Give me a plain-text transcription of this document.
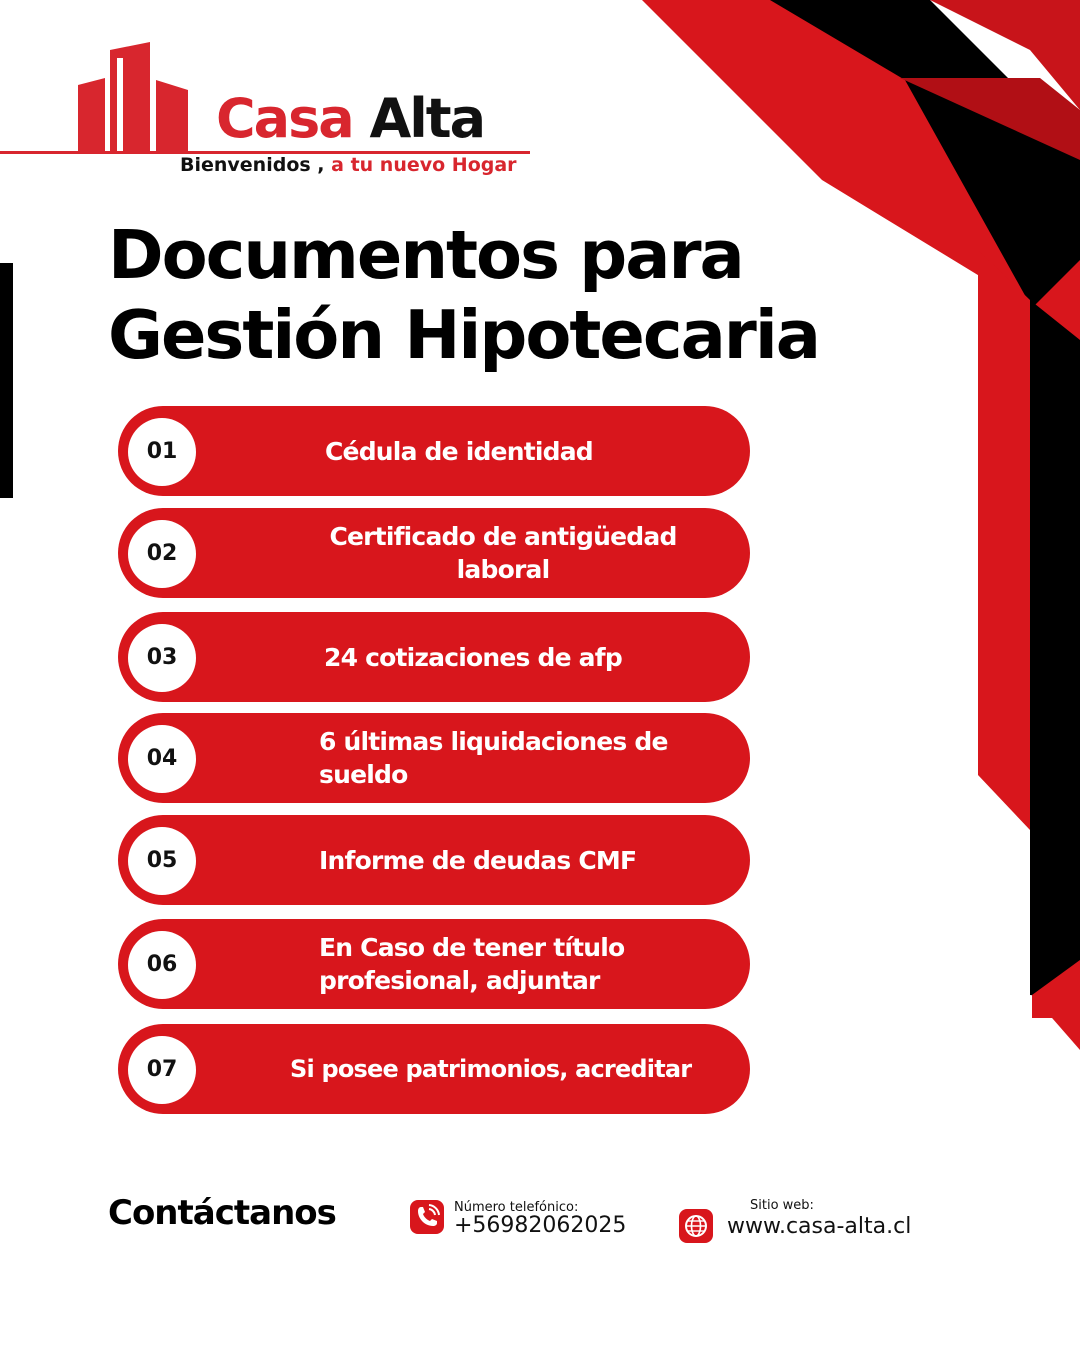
Casa Alta
Bienvenidos , a tu nuevo Hogar
Documentos para
Gestión Hipotecaria
01	Cédula de identidad
02
Certificado de antigüedad laboral
03	24 cotizaciones de afp
04
6 últimas liquidaciones de sueldo
05	Informe de deudas CMF
06
En Caso de tener título profesional, adjuntar
07	Si posee patrimonios, acreditar
Contáctanos	Número telefónico:
+56982062025
Sitio web:
www.casa-alta.cl
